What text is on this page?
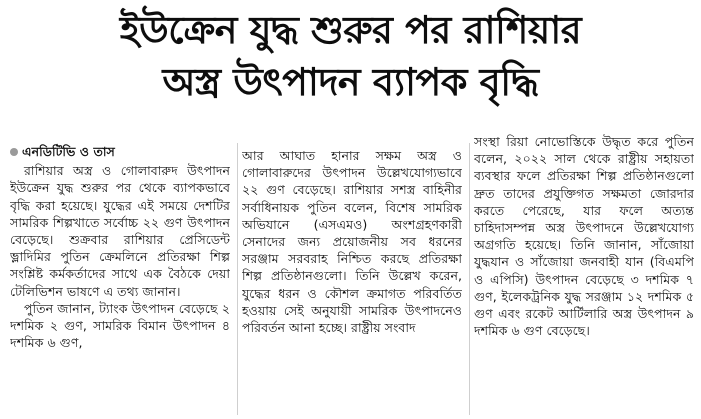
ইউক্রেন যুদ্ধ শুরুর পর রাশিয়ার
অস্ত্র উৎপাদন ব্যাপক বৃদ্ধি
এনডিটিভি ও তাস

রাশিয়ার অস্ত্র ও গোলাবারুদ উৎপাদন ইউক্রেন যুদ্ধ শুরুর পর থেকে ব্যাপকভাবে বৃদ্ধি করা হয়েছে। যুদ্ধের এই সময়ে দেশটির সামরিক শিল্পখাতে সর্বোচ্চ ২২ গুণ উৎপাদন বেড়েছে। শুক্রবার রাশিয়ার প্রেসিডেন্ট ভ্লাদিমির পুতিন ক্রেমলিনে প্রতিরক্ষা শিল্প সংশ্লিষ্ট কর্মকর্তাদের সাথে এক বৈঠকে দেয়া টেলিভিশন ভাষণে এ তথ্য জানান।

পুতিন জানান, ট্যাংক উৎপাদন বেড়েছে ২ দশমিক ২ গুণ, সামরিক বিমান উৎপাদন ৪ দশমিক ৬ গুণ,

আর আঘাত হানার সক্ষম অস্ত্র ও গোলাবারুদের উৎপাদন উল্লেখযোগ্যভাবে ২২ গুণ বেড়েছে। রাশিয়ার সশস্ত্র বাহিনীর সর্বাধিনায়ক পুতিন বলেন, বিশেষ সামরিক অভিযানে (এসএমও) অংশগ্রহণকারী সেনাদের জন্য প্রয়োজনীয় সব ধরনের সরঞ্জাম সরবরাহ নিশ্চিত করছে প্রতিরক্ষা শিল্প প্রতিষ্ঠানগুলো। তিনি উল্লেখ করেন, যুদ্ধের ধরন ও কৌশল ক্রমাগত পরিবর্তিত হওয়ায় সেই অনুযায়ী সামরিক উৎপাদনেও পরিবর্তন আনা হচ্ছে। রাষ্ট্রীয় সংবাদ

সংস্থা রিয়া নোভোস্তিকে উদ্ধৃত করে পুতিন বলেন, ২০২২ সাল থেকে রাষ্ট্রীয় সহায়তা ব্যবস্থার ফলে প্রতিরক্ষা শিল্প প্রতিষ্ঠানগুলো দ্রুত তাদের প্রযুক্তিগত সক্ষমতা জোরদার করতে পেরেছে, যার ফলে অত্যন্ত চাহিদাসম্পন্ন অস্ত্র উৎপাদনে উল্লেখযোগ্য অগ্রগতি হয়েছে। তিনি জানান, সাঁজোয়া যুদ্ধযান ও সাঁজোয়া জনবাহী যান (বিএমপি ও এপিসি) উৎপাদন বেড়েছে ৩ দশমিক ৭ গুণ, ইলেকট্রনিক যুদ্ধ সরঞ্জাম ১২ দশমিক ৫ গুণ এবং রকেট আর্টিলারি অস্ত্র উৎপাদন ৯ দশমিক ৬ গুণ বেড়েছে।
